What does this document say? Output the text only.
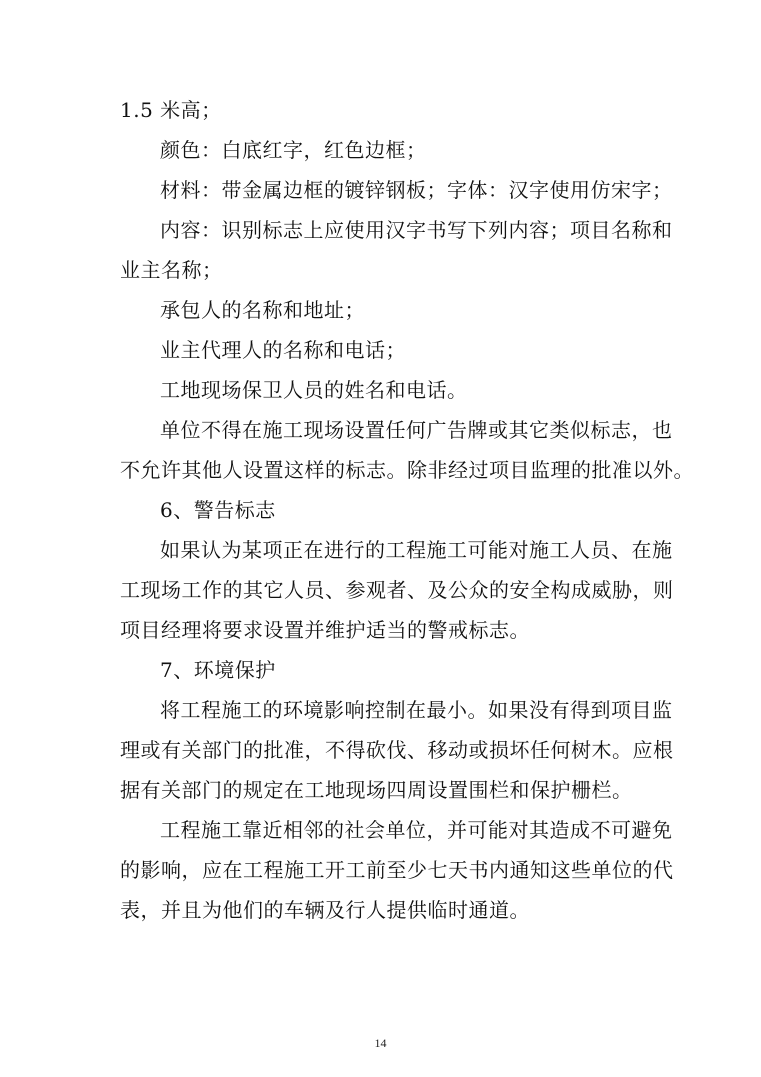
1.5 米高；
颜色：白底红字，红色边框；
材料：带金属边框的镀锌钢板；字体：汉字使用仿宋字；
内容：识别标志上应使用汉字书写下列内容；项目名称和
业主名称；
承包人的名称和地址；
业主代理人的名称和电话；
工地现场保卫人员的姓名和电话。
单位不得在施工现场设置任何广告牌或其它类似标志，也
不允许其他人设置这样的标志。除非经过项目监理的批准以外。
6、警告标志
如果认为某项正在进行的工程施工可能对施工人员、在施
工现场工作的其它人员、参观者、及公众的安全构成威胁，则
项目经理将要求设置并维护适当的警戒标志。
7、环境保护
将工程施工的环境影响控制在最小。如果没有得到项目监
理或有关部门的批准，不得砍伐、移动或损坏任何树木。应根
据有关部门的规定在工地现场四周设置围栏和保护栅栏。
工程施工靠近相邻的社会单位，并可能对其造成不可避免
的影响，应在工程施工开工前至少七天书内通知这些单位的代
表，并且为他们的车辆及行人提供临时通道。
14
